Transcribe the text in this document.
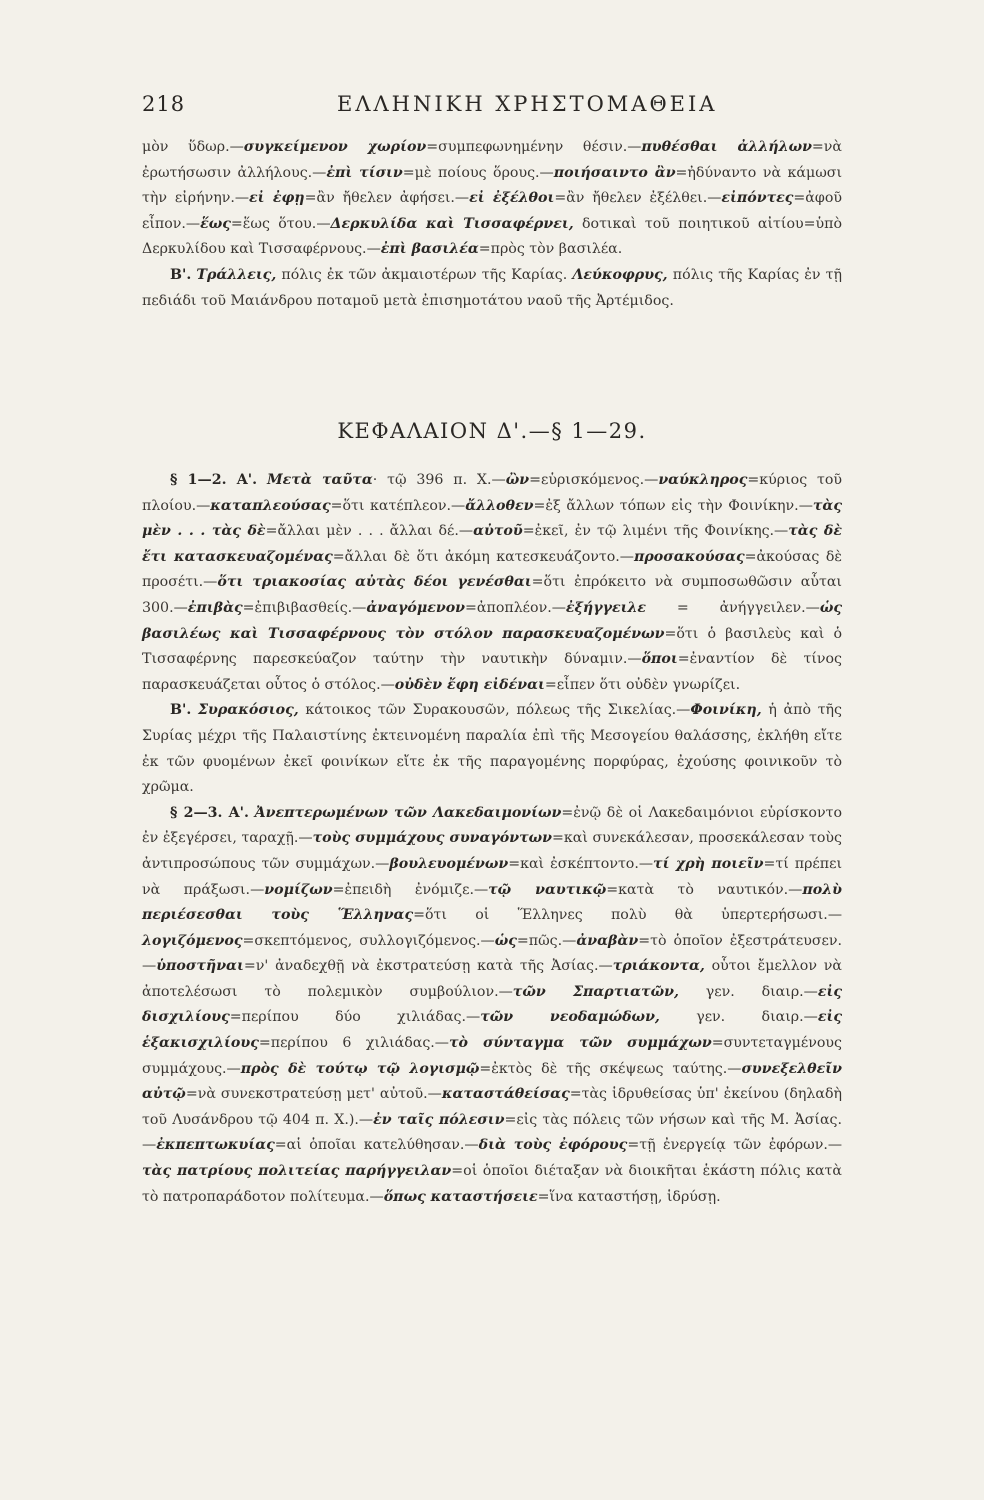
218	ΕΛΛΗΝΙΚΗ ΧΡΗΣΤΟΜΑΘΕΙΑ

μὸν ὕδωρ.—συγκείμενον χωρίον=συμπεφωνημένην θέσιν.—πυθέσθαι ἀλλήλων=νὰ ἐρωτήσωσιν ἀλλήλους.—ἐπὶ τίσιν=μὲ ποίους ὅρους.—ποιήσαιντο ἂν=ἠδύναντο νὰ κάμωσι τὴν εἰρήνην.—εἰ ἐφῃ=ἂν ἤθελεν ἀφήσει.—εἰ ἐξέλθοι=ἂν ἤθελεν ἐξέλθει.—εἰπόντες=ἀφοῦ εἶπον.—ἕως=ἕως ὅτου.—Δερκυλίδα καὶ Τισσαφέρνει, δοτικαὶ τοῦ ποιητικοῦ αἰτίου=ὑπὸ Δερκυλίδου καὶ Τισσαφέρνους.—ἐπὶ βασιλέα=πρὸς τὸν βασιλέα.

Β'. Τράλλεις, πόλις ἐκ τῶν ἀκμαιοτέρων τῆς Καρίας. Λεύκοφρυς, πόλις τῆς Καρίας ἐν τῇ πεδιάδι τοῦ Μαιάνδρου ποταμοῦ μετὰ ἐπισημοτάτου ναοῦ τῆς Ἀρτέμιδος.

ΚΕΦΑΛΑΙΟΝ Δ'.—§ 1—29.

§ 1—2. Α'. Μετὰ ταῦτα· τῷ 396 π. Χ.—ὢν=εὑρισκόμενος.—ναύκληρος=κύριος τοῦ πλοίου.—καταπλεούσας=ὅτι κατέπλεον.—ἄλλοθεν=ἐξ ἄλλων τόπων εἰς τὴν Φοινίκην.—τὰς μὲν . . . τὰς δὲ=ἄλλαι μὲν . . . ἄλλαι δέ.—αὐτοῦ=ἐκεῖ, ἐν τῷ λιμένι τῆς Φοινίκης.—τὰς δὲ ἔτι κατασκευαζομένας=ἄλλαι δὲ ὅτι ἀκόμη κατεσκευάζοντο.—προσακούσας=ἀκούσας δὲ προσέτι.—ὅτι τριακοσίας αὐτὰς δέοι γενέσθαι=ὅτι ἐπρόκειτο νὰ συμποσωθῶσιν αὗται 300.—ἐπιβὰς=ἐπιβιβασθείς.—ἀναγόμενον=ἀποπλέον.—ἐξήγγειλε = ἀνήγγειλεν.—ὡς βασιλέως καὶ Τισσαφέρνους τὸν στόλον παρασκευαζομένων=ὅτι ὁ βασιλεὺς καὶ ὁ Τισσαφέρνης παρεσκεύαζον ταύτην τὴν ναυτικὴν δύναμιν.—ὅποι=ἐναντίον δὲ τίνος παρασκευάζεται οὗτος ὁ στόλος.—οὐδὲν ἔφη εἰδέναι=εἶπεν ὅτι οὐδὲν γνωρίζει.

Β'. Συρακόσιος, κάτοικος τῶν Συρακουσῶν, πόλεως τῆς Σικελίας.—Φοινίκη, ἡ ἀπὸ τῆς Συρίας μέχρι τῆς Παλαιστίνης ἐκτεινομένη παραλία ἐπὶ τῆς Μεσογείου θαλάσσης, ἐκλήθη εἴτε ἐκ τῶν φυομένων ἐκεῖ φοινίκων εἴτε ἐκ τῆς παραγομένης πορφύρας, ἐχούσης φοινικοῦν τὸ χρῶμα.

§ 2—3. Α'. Ἀνεπτερωμένων τῶν Λακεδαιμονίων=ἐνῷ δὲ οἱ Λακεδαιμόνιοι εὑρίσκοντο ἐν ἐξεγέρσει, ταραχῇ.—τοὺς συμμάχους συναγόντων=καὶ συνεκάλεσαν, προσεκάλεσαν τοὺς ἀντιπροσώπους τῶν συμμάχων.—βουλευομένων=καὶ ἐσκέπτοντο.—τί χρὴ ποιεῖν=τί πρέπει νὰ πράξωσι.—νομίζων=ἐπειδὴ ἐνόμιζε.—τῷ ναυτικῷ=κατὰ τὸ ναυτικόν.—πολὺ περιέσεσθαι τοὺς Ἕλληνας=ὅτι οἱ Ἕλληνες πολὺ θὰ ὑπερτερήσωσι.—λογιζόμενος=σκεπτόμενος, συλλογιζόμενος.—ὡς=πῶς.—ἀναβὰν=τὸ ὁποῖον ἐξεστράτευσεν.—ὑποστῆναι=ν' ἀναδεχθῇ νὰ ἐκστρατεύσῃ κατὰ τῆς Ἀσίας.—τριάκοντα, οὗτοι ἔμελλον νὰ ἀποτελέσωσι τὸ πολεμικὸν συμβούλιον.—τῶν Σπαρτιατῶν, γεν. διαιρ.—εἰς δισχιλίους=περίπου δύο χιλιάδας.—τῶν νεοδαμώδων, γεν. διαιρ.—εἰς ἑξακισχιλίους=περίπου 6 χιλιάδας.—τὸ σύνταγμα τῶν συμμάχων=συντεταγμένους συμμάχους.—πρὸς δὲ τούτῳ τῷ λογισμῷ=ἐκτὸς δὲ τῆς σκέψεως ταύτης.—συνεξελθεῖν αὐτῷ=νὰ συνεκστρατεύσῃ μετ' αὐτοῦ.—καταστάθείσας=τὰς ἱδρυθείσας ὑπ' ἐκείνου (δηλαδὴ τοῦ Λυσάνδρου τῷ 404 π. Χ.).—ἐν ταῖς πόλεσιν=εἰς τὰς πόλεις τῶν νήσων καὶ τῆς Μ. Ἀσίας.—ἐκπεπτωκυίας=αἱ ὁποῖαι κατελύθησαν.—διὰ τοὺς ἐφόρους=τῇ ἐνεργείᾳ τῶν ἐφόρων.—τὰς πατρίους πολιτείας παρήγγειλαν=οἱ ὁποῖοι διέταξαν νὰ διοικῆται ἑκάστη πόλις κατὰ τὸ πατροπαράδοτον πολίτευμα.—ὅπως καταστήσειε=ἵνα καταστήσῃ, ἱδρύσῃ.
